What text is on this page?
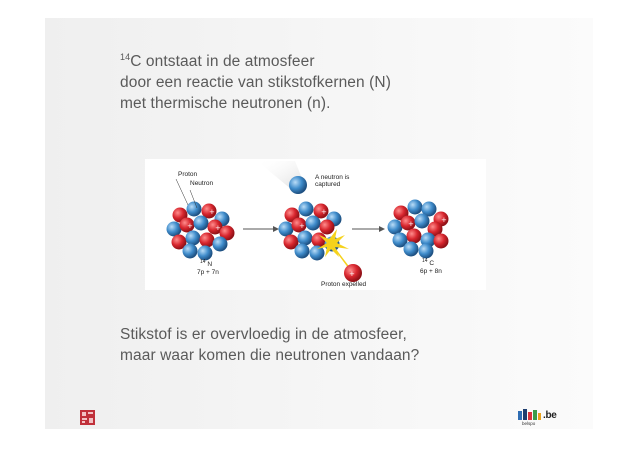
$^{14}$C ontstaat in de atmosfeer
door een reactie van stikstofkernen (N)
met thermische neutronen (n).
+
+
+
+
+
+
+
+
Proton
Neutron
A neutron is
captured
$^{14}$ N
7p + 7n
Proton expelled
$^{14}$ C
6p + 8n
Stikstof is er overvloedig in de atmosfeer,
maar waar komen die neutronen vandaan?
belspo
.be
